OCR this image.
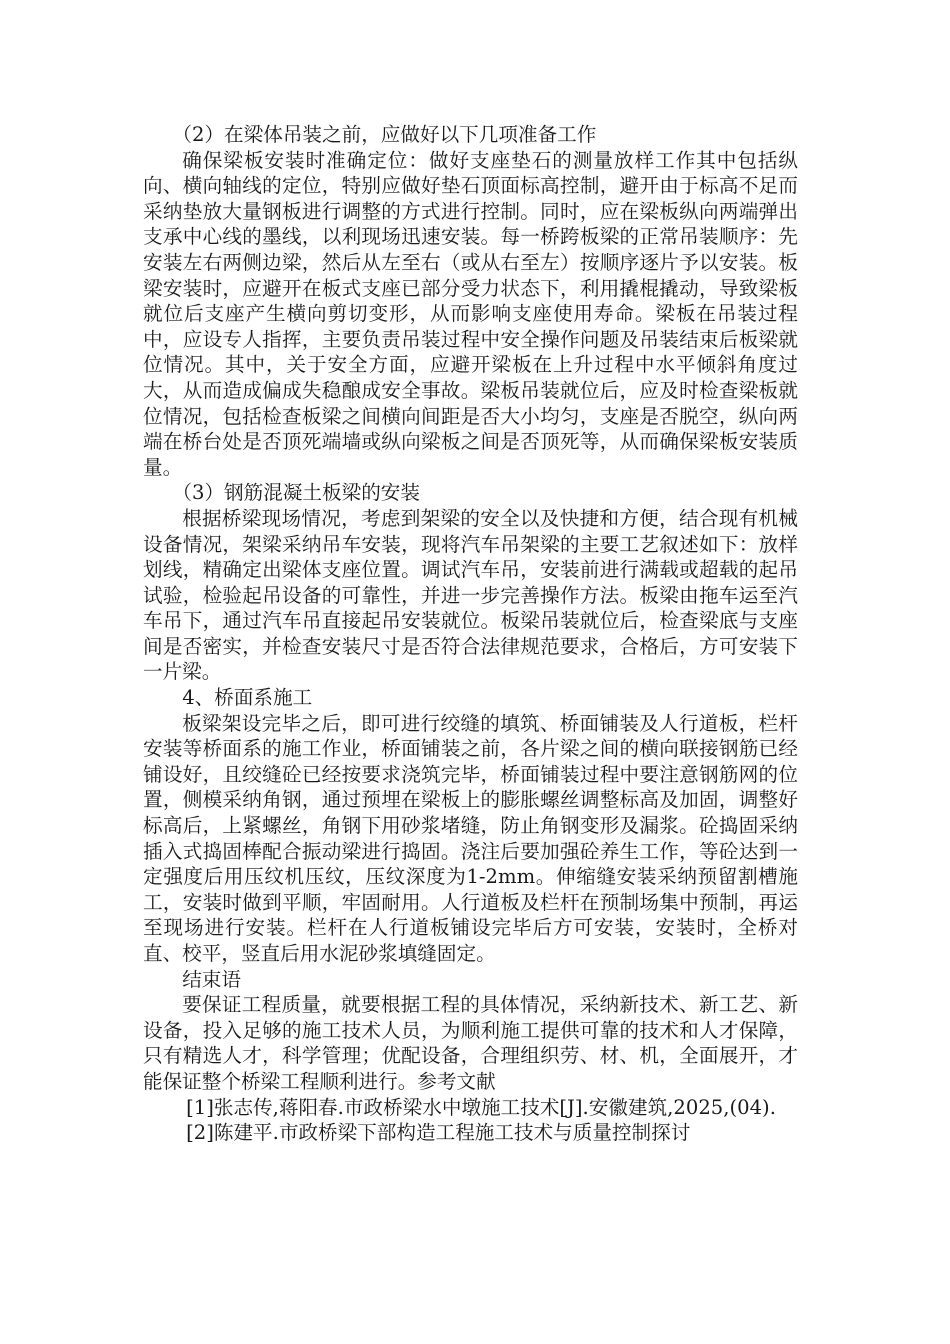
（2）在梁体吊装之前，应做好以下几项准备工作

确保梁板安装时准确定位：做好支座垫石的测量放样工作其中包括纵向、横向轴线的定位，特别应做好垫石顶面标高控制，避开由于标高不足而采纳垫放大量钢板进行调整的方式进行控制。同时，应在梁板纵向两端弹出支承中心线的墨线，以利现场迅速安装。每一桥跨板梁的正常吊装顺序：先安装左右两侧边梁，然后从左至右（或从右至左）按顺序逐片予以安装。板梁安装时，应避开在板式支座已部分受力状态下，利用撬棍撬动，导致梁板就位后支座产生横向剪切变形，从而影响支座使用寿命。梁板在吊装过程中，应设专人指挥，主要负责吊装过程中安全操作问题及吊装结束后板梁就位情况。其中，关于安全方面，应避开梁板在上升过程中水平倾斜角度过大，从而造成偏成失稳酿成安全事故。梁板吊装就位后，应及时检查梁板就位情况，包括检查板梁之间横向间距是否大小均匀，支座是否脱空，纵向两端在桥台处是否顶死端墙或纵向梁板之间是否顶死等，从而确保梁板安装质量。

（3）钢筋混凝土板梁的安装

根据桥梁现场情况，考虑到架梁的安全以及快捷和方便，结合现有机械设备情况，架梁采纳吊车安装，现将汽车吊架梁的主要工艺叙述如下：放样划线，精确定出梁体支座位置。调试汽车吊，安装前进行满载或超载的起吊试验，检验起吊设备的可靠性，并进一步完善操作方法。板梁由拖车运至汽车吊下，通过汽车吊直接起吊安装就位。板梁吊装就位后，检查梁底与支座间是否密实，并检查安装尺寸是否符合法律规范要求，合格后，方可安装下一片梁。

4、桥面系施工

板梁架设完毕之后，即可进行绞缝的填筑、桥面铺装及人行道板，栏杆安装等桥面系的施工作业，桥面铺装之前，各片梁之间的横向联接钢筋已经铺设好，且绞缝砼已经按要求浇筑完毕，桥面铺装过程中要注意钢筋网的位置，侧模采纳角钢，通过预埋在梁板上的膨胀螺丝调整标高及加固，调整好标高后，上紧螺丝，角钢下用砂浆堵缝，防止角钢变形及漏浆。砼捣固采纳插入式捣固棒配合振动梁进行捣固。浇注后要加强砼养生工作，等砼达到一定强度后用压纹机压纹，压纹深度为1-2mm。伸缩缝安装采纳预留割槽施工，安装时做到平顺，牢固耐用。人行道板及栏杆在预制场集中预制，再运至现场进行安装。栏杆在人行道板铺设完毕后方可安装，安装时，全桥对直、校平，竖直后用水泥砂浆填缝固定。

结束语

要保证工程质量，就要根据工程的具体情况，采纳新技术、新工艺、新设备，投入足够的施工技术人员，为顺利施工提供可靠的技术和人才保障，只有精选人才，科学管理；优配设备，合理组织劳、材、机，全面展开，才能保证整个桥梁工程顺利进行。参考文献

[1]张志传,蒋阳春.市政桥梁水中墩施工技术[J].安徽建筑,2025,(04).

[2]陈建平.市政桥梁下部构造工程施工技术与质量控制探讨
